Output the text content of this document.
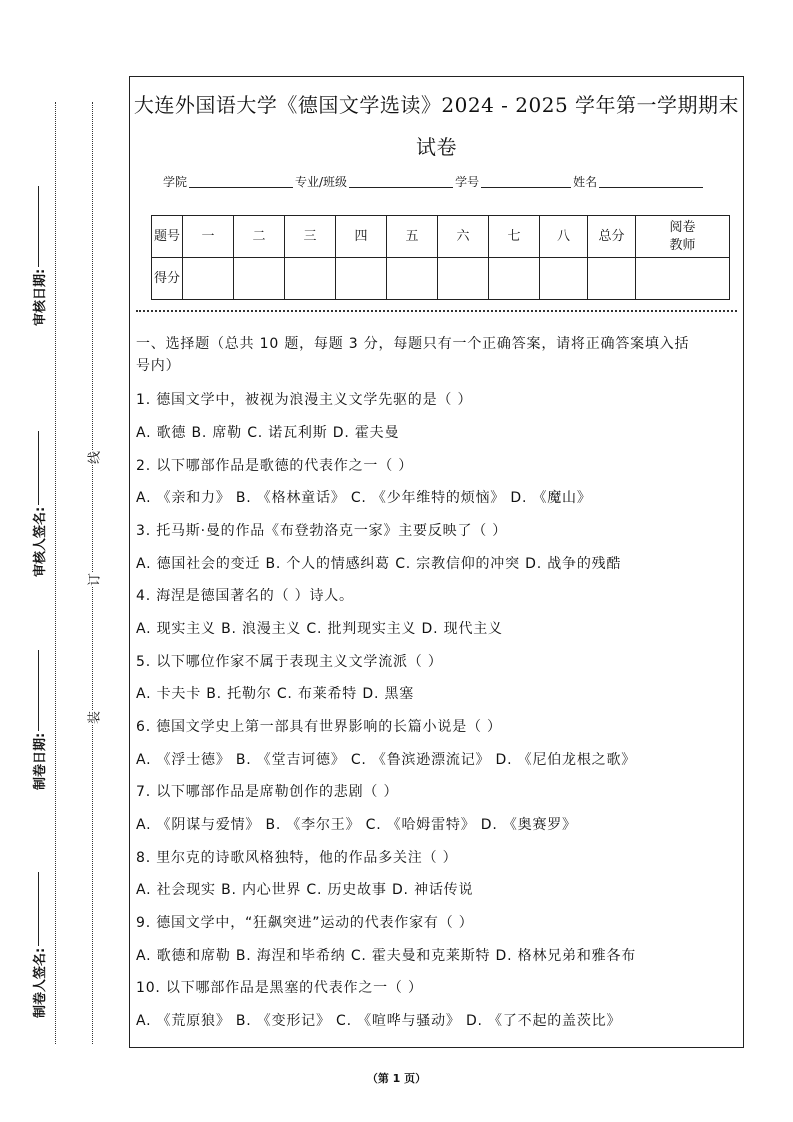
审核日期:
审核人签名:
制卷日期:
制卷人签名:
线
订
装
大连外国语大学《德国文学选读》2024 - 2025 学年第一学期期末
试卷
学院	专业/班级	学号	姓名
题号	一	二	三	四	五	六	七	八	总分	阅卷教师
得分										
一、选择题（总共 10 题，每题 3 分，每题只有一个正确答案，请将正确答案填入括
号内）
1. 德国文学中，被视为浪漫主义文学先驱的是（ ）
A. 歌德 B. 席勒 C. 诺瓦利斯 D. 霍夫曼
2. 以下哪部作品是歌德的代表作之一（ ）
A. 《亲和力》 B. 《格林童话》 C. 《少年维特的烦恼》 D. 《魔山》
3. 托马斯·曼的作品《布登勃洛克一家》主要反映了（ ）
A. 德国社会的变迁 B. 个人的情感纠葛 C. 宗教信仰的冲突 D. 战争的残酷
4. 海涅是德国著名的（ ）诗人。
A. 现实主义 B. 浪漫主义 C. 批判现实主义 D. 现代主义
5. 以下哪位作家不属于表现主义文学流派（ ）
A. 卡夫卡 B. 托勒尔 C. 布莱希特 D. 黑塞
6. 德国文学史上第一部具有世界影响的长篇小说是（ ）
A. 《浮士德》 B. 《堂吉诃德》 C. 《鲁滨逊漂流记》 D. 《尼伯龙根之歌》
7. 以下哪部作品是席勒创作的悲剧（ ）
A. 《阴谋与爱情》 B. 《李尔王》 C. 《哈姆雷特》 D. 《奥赛罗》
8. 里尔克的诗歌风格独特，他的作品多关注（ ）
A. 社会现实 B. 内心世界 C. 历史故事 D. 神话传说
9. 德国文学中，“狂飙突进”运动的代表作家有（ ）
A. 歌德和席勒 B. 海涅和毕希纳 C. 霍夫曼和克莱斯特 D. 格林兄弟和雅各布
10. 以下哪部作品是黑塞的代表作之一（ ）
A. 《荒原狼》 B. 《变形记》 C. 《喧哗与骚动》 D. 《了不起的盖茨比》
（第 1 页）
